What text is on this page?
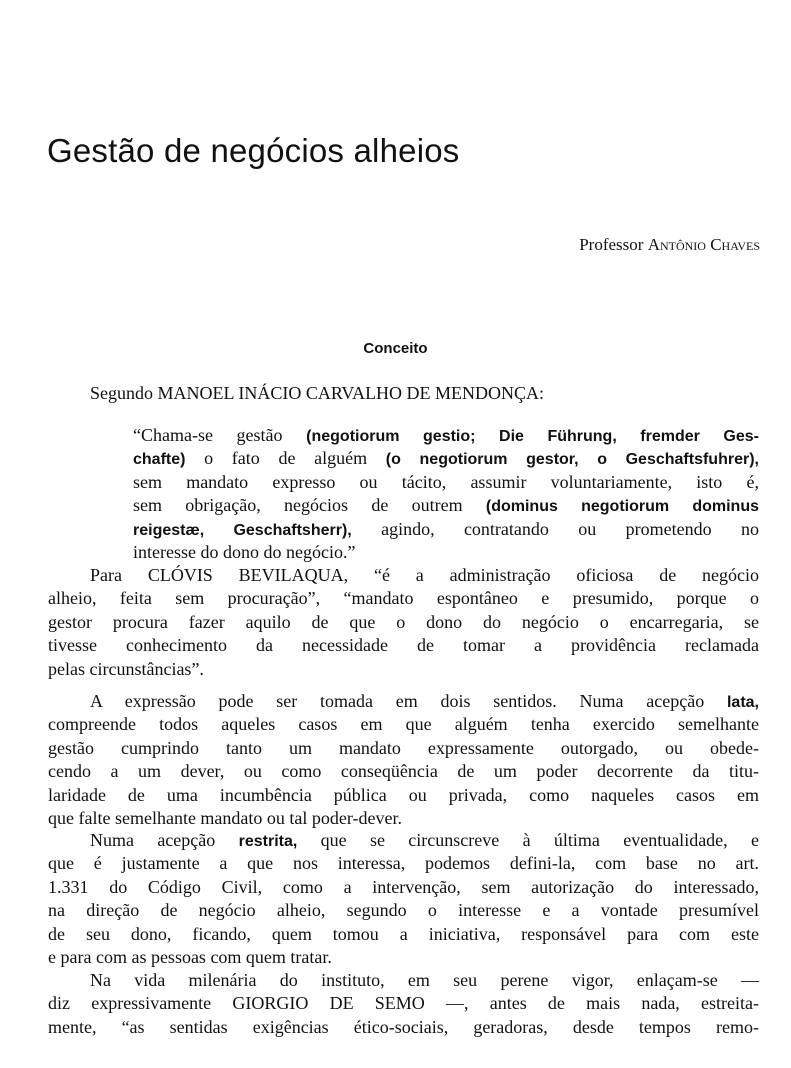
Gestão de negócios alheios
Professor Antônio Chaves
Conceito
Segundo MANOEL INÁCIO CARVALHO DE MENDONÇA:
“Chama-se gestão (negotiorum gestio; Die Führung, fremder Ges-
chafte) o fato de alguém (o negotiorum gestor, o Geschaftsfuhrer),
sem mandato expresso ou tácito, assumir voluntariamente, isto é,
sem obrigação, negócios de outrem (dominus negotiorum dominus
reigestæ, Geschaftsherr), agindo, contratando ou prometendo no
interesse do dono do negócio.”
Para CLÓVIS BEVILAQUA, “é a administração oficiosa de negócio
alheio, feita sem procuração”, “mandato espontâneo e presumido, porque o
gestor procura fazer aquilo de que o dono do negócio o encarregaria, se
tivesse conhecimento da necessidade de tomar a providência reclamada
pelas circunstâncias”.
A expressão pode ser tomada em dois sentidos. Numa acepção lata,
compreende todos aqueles casos em que alguém tenha exercido semelhante
gestão cumprindo tanto um mandato expressamente outorgado, ou obede-
cendo a um dever, ou como conseqüência de um poder decorrente da titu-
laridade de uma incumbência pública ou privada, como naqueles casos em
que falte semelhante mandato ou tal poder-dever.
Numa acepção restrita, que se circunscreve à última eventualidade, e
que é justamente a que nos interessa, podemos defini-la, com base no art.
1.331 do Código Civil, como a intervenção, sem autorização do interessado,
na direção de negócio alheio, segundo o interesse e a vontade presumível
de seu dono, ficando, quem tomou a iniciativa, responsável para com este
e para com as pessoas com quem tratar.
Na vida milenária do instituto, em seu perene vigor, enlaçam-se —
diz expressivamente GIORGIO DE SEMO —, antes de mais nada, estreita-
mente, “as sentidas exigências ético-sociais, geradoras, desde tempos remo-
